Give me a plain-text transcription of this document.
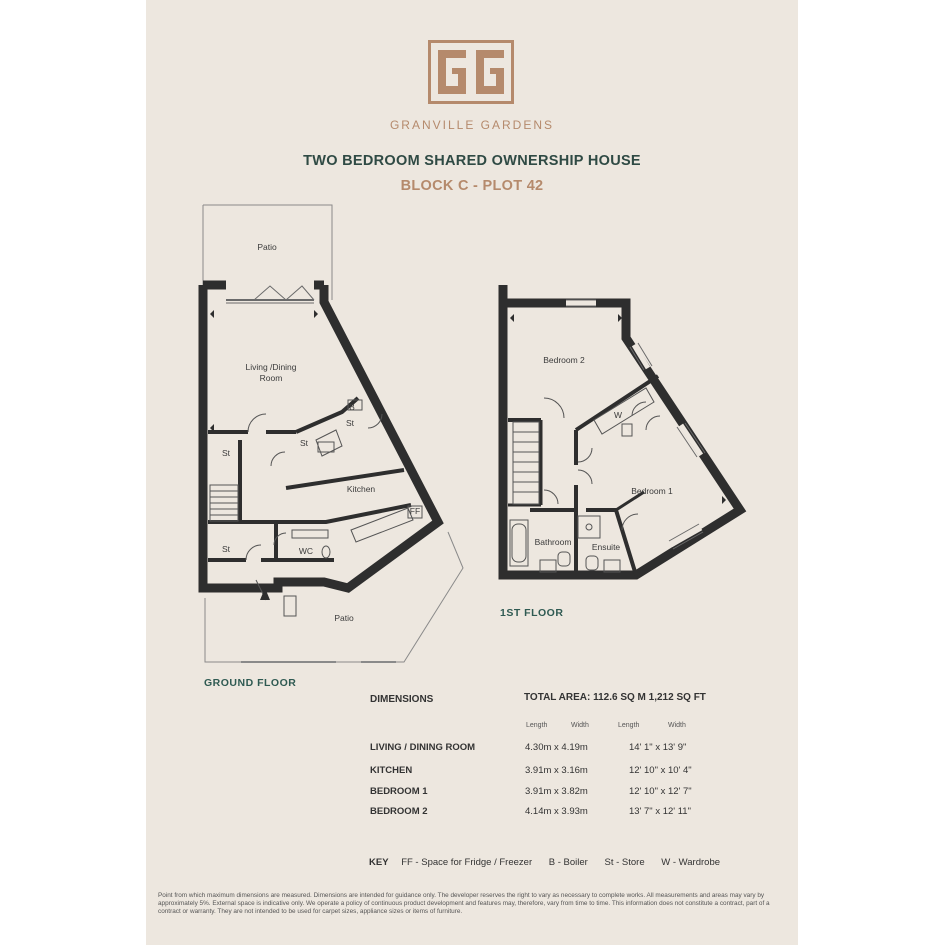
GRANVILLE GARDENS
TWO BEDROOM SHARED OWNERSHIP HOUSE
BLOCK C - PLOT 42
Patio
Living /Dining
Room
B
St
St
St
Kitchen
FF
St	WC
Patio
GROUND FLOOR
Bedroom 2
W
Bedroom 1
Bathroom Ensuite
1ST FLOOR
DIMENSIONS	TOTAL AREA: 112.6 SQ M 1,212 SQ FT
Length	Width	Length	Width
LIVING / DINING ROOM	4.30m x 4.19m	14' 1" x 13' 9"
KITCHEN	3.91m x 3.16m	12' 10" x 10' 4"
BEDROOM 1	3.91m x 3.82m	12' 10" x 12' 7"
BEDROOM 2	4.14m x 3.93m	13' 7" x 12' 11"
KEY FF - Space for Fridge / Freezer B - Boiler St - Store W - Wardrobe
Point from which maximum dimensions are measured. Dimensions are intended for guidance only. The developer reserves the right to vary as necessary to complete works. All measurements and areas may vary by approximately 5%. External space is indicative only. We operate a policy of continuous product development and features may, therefore, vary from time to time. This information does not constitute a contract, part of a contract or warranty. They are not intended to be used for carpet sizes, appliance sizes or items of furniture.
